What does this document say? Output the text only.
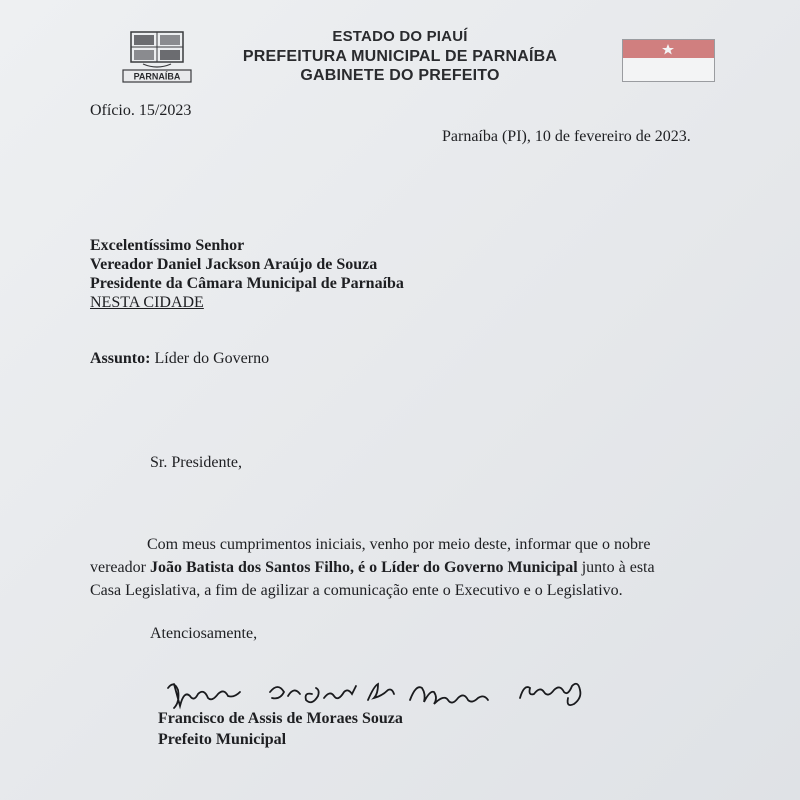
PARNAÍBA
ESTADO DO PIAUÍ
PREFEITURA MUNICIPAL DE PARNAÍBA
GABINETE DO PREFEITO
Ofício. 15/2023
Parnaíba (PI), 10 de fevereiro de 2023.
Excelentíssimo Senhor
Vereador Daniel Jackson Araújo de Souza
Presidente da Câmara Municipal de Parnaíba
NESTA CIDADE
Assunto: Líder do Governo
Sr. Presidente,
Com meus cumprimentos iniciais, venho por meio deste, informar que o nobre
vereador João Batista dos Santos Filho, é o Líder do Governo Municipal junto à esta
Casa Legislativa, a fim de agilizar a comunicação ente o Executivo e o Legislativo.
Atenciosamente,
Francisco de Assis de Moraes Souza
Prefeito Municipal
